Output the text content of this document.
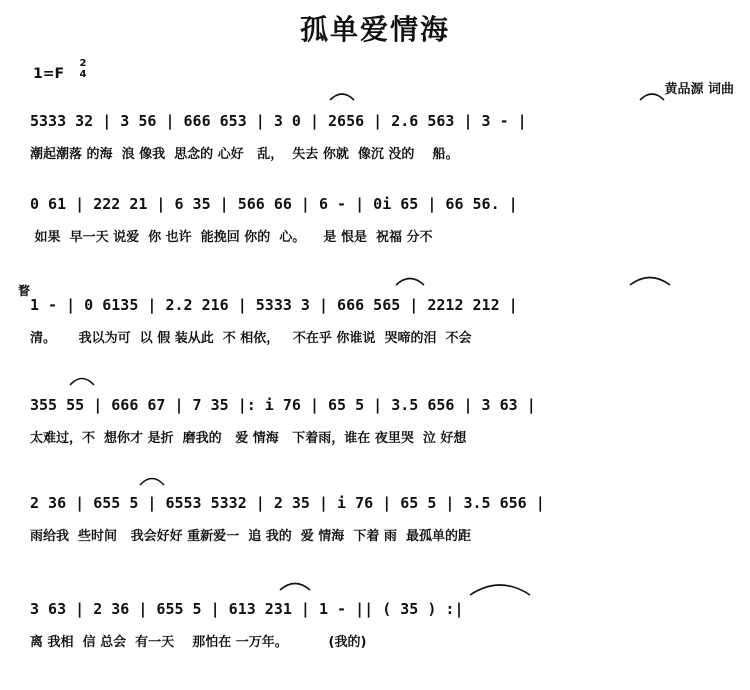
孤单爱情海
1=F
2
4
黄品源 词曲
5333 32 | 3 56 | 666 653 | 3 0 | 2656 | 2.6 563 | 3 - |
潮起潮落 的海  浪 像我  思念的 心好   乱，  失去 你就  像沉 没的    船。
0 61 | 222 21 | 6 35 | 566 66 | 6 - | 0i 65 | 66 56. |
如果  早一天 说爱  你 也许  能挽回 你的  心。    是 恨是  祝福 分不
瞀
1 - | 0 6135 | 2.2 216 | 5333 3 | 666 565 | 2212 212 |
清。     我以为可  以 假 装从此  不 相依，   不在乎 你谁说  哭啼的泪  不会
355 55 | 666 67 | 7 35 |: i 76 | 65 5 | 3.5 656 | 3 63 |
太难过，不  想你才 是折  磨我的   爱 情海   下着雨，谁在 夜里哭  泣 好想
2 36 | 655 5 | 6553 5332 | 2 35 | i 76 | 65 5 | 3.5 656 |
雨给我  些时间   我会好好 重新爱一  追 我的  爱 情海  下着 雨  最孤单的距
3 63 | 2 36 | 655 5 | 613 231 | 1 - || ( 35 ) :|
离 我相  信 总会  有一天    那怕在 一万年。         (我的)
